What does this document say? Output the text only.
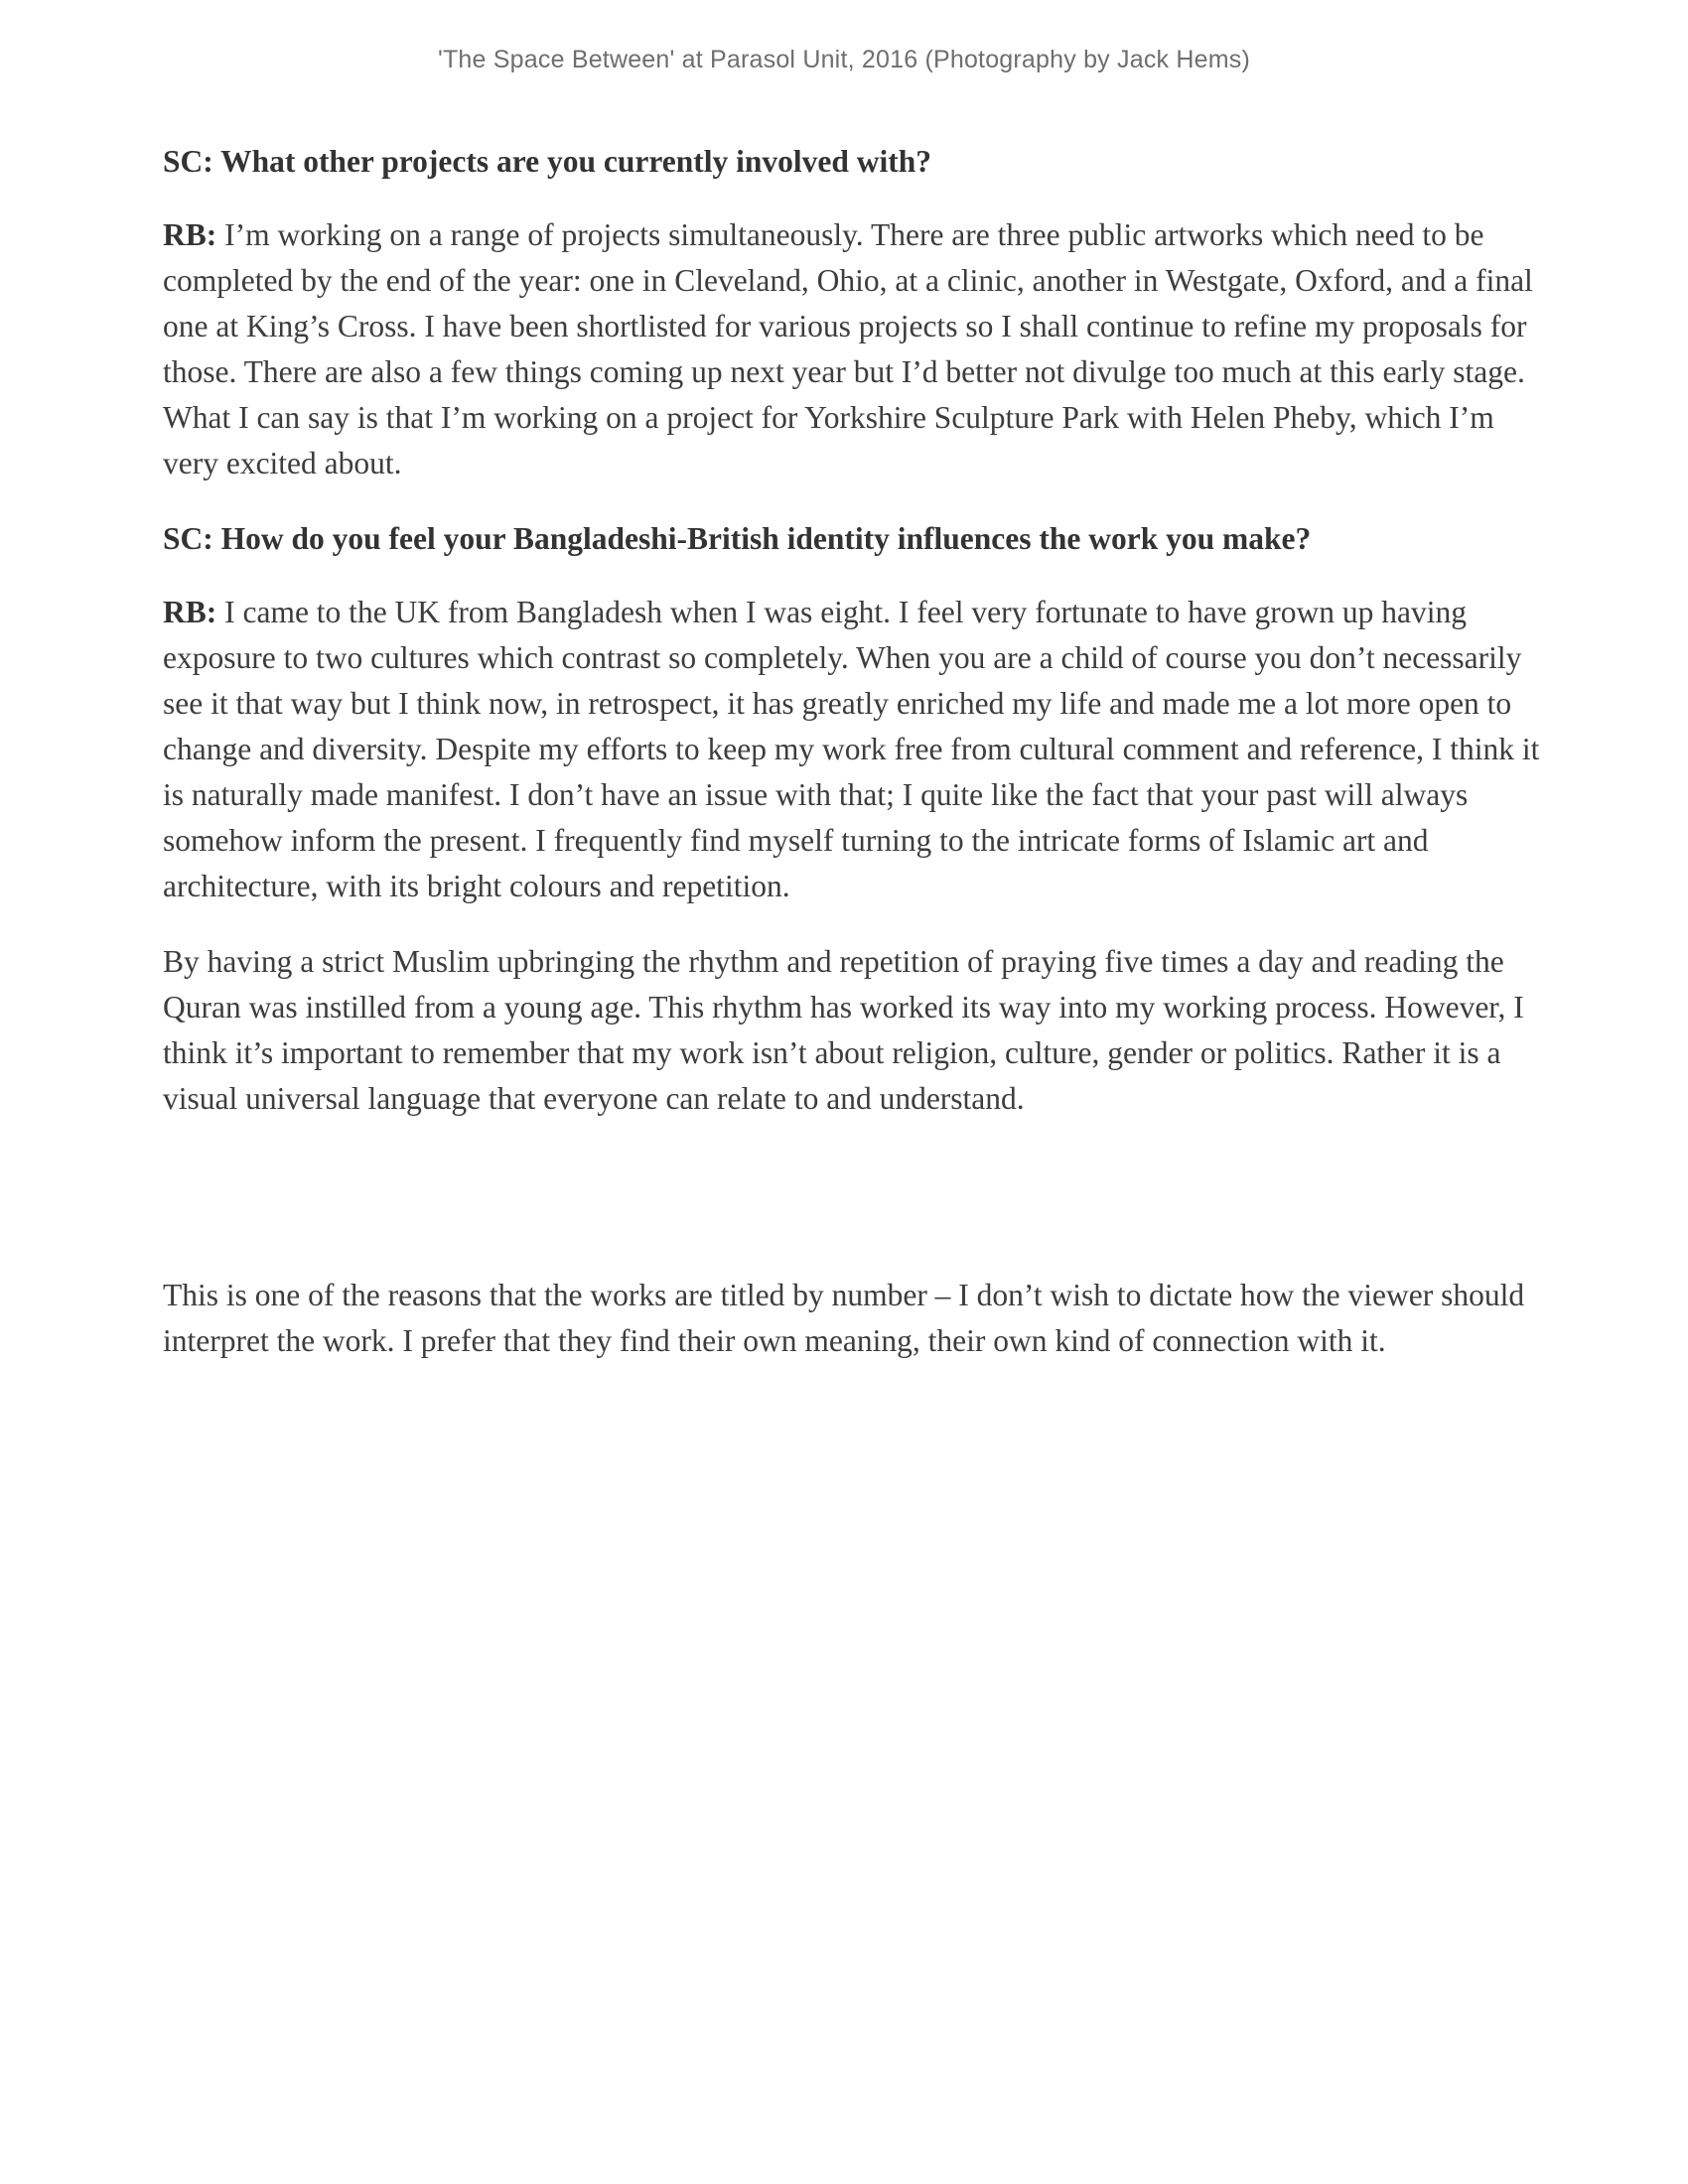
'The Space Between' at Parasol Unit, 2016 (Photography by Jack Hems)

SC: What other projects are you currently involved with?

RB: I’m working on a range of projects simultaneously. There are three public artworks which need to be completed by the end of the year: one in Cleveland, Ohio, at a clinic, another in Westgate, Oxford, and a final one at King’s Cross. I have been shortlisted for various projects so I shall continue to refine my proposals for those. There are also a few things coming up next year but I’d better not divulge too much at this early stage. What I can say is that I’m working on a project for Yorkshire Sculpture Park with Helen Pheby, which I’m very excited about.

SC: How do you feel your Bangladeshi-British identity influences the work you make?

RB: I came to the UK from Bangladesh when I was eight. I feel very fortunate to have grown up having exposure to two cultures which contrast so completely. When you are a child of course you don’t necessarily see it that way but I think now, in retrospect, it has greatly enriched my life and made me a lot more open to change and diversity. Despite my efforts to keep my work free from cultural comment and reference, I think it is naturally made manifest. I don’t have an issue with that; I quite like the fact that your past will always somehow inform the present. I frequently find myself turning to the intricate forms of Islamic art and architecture, with its bright colours and repetition.

By having a strict Muslim upbringing the rhythm and repetition of praying five times a day and reading the Quran was instilled from a young age. This rhythm has worked its way into my working process. However, I think it’s important to remember that my work isn’t about religion, culture, gender or politics. Rather it is a visual universal language that everyone can relate to and understand.

This is one of the reasons that the works are titled by number – I don’t wish to dictate how the viewer should interpret the work. I prefer that they find their own meaning, their own kind of connection with it.
